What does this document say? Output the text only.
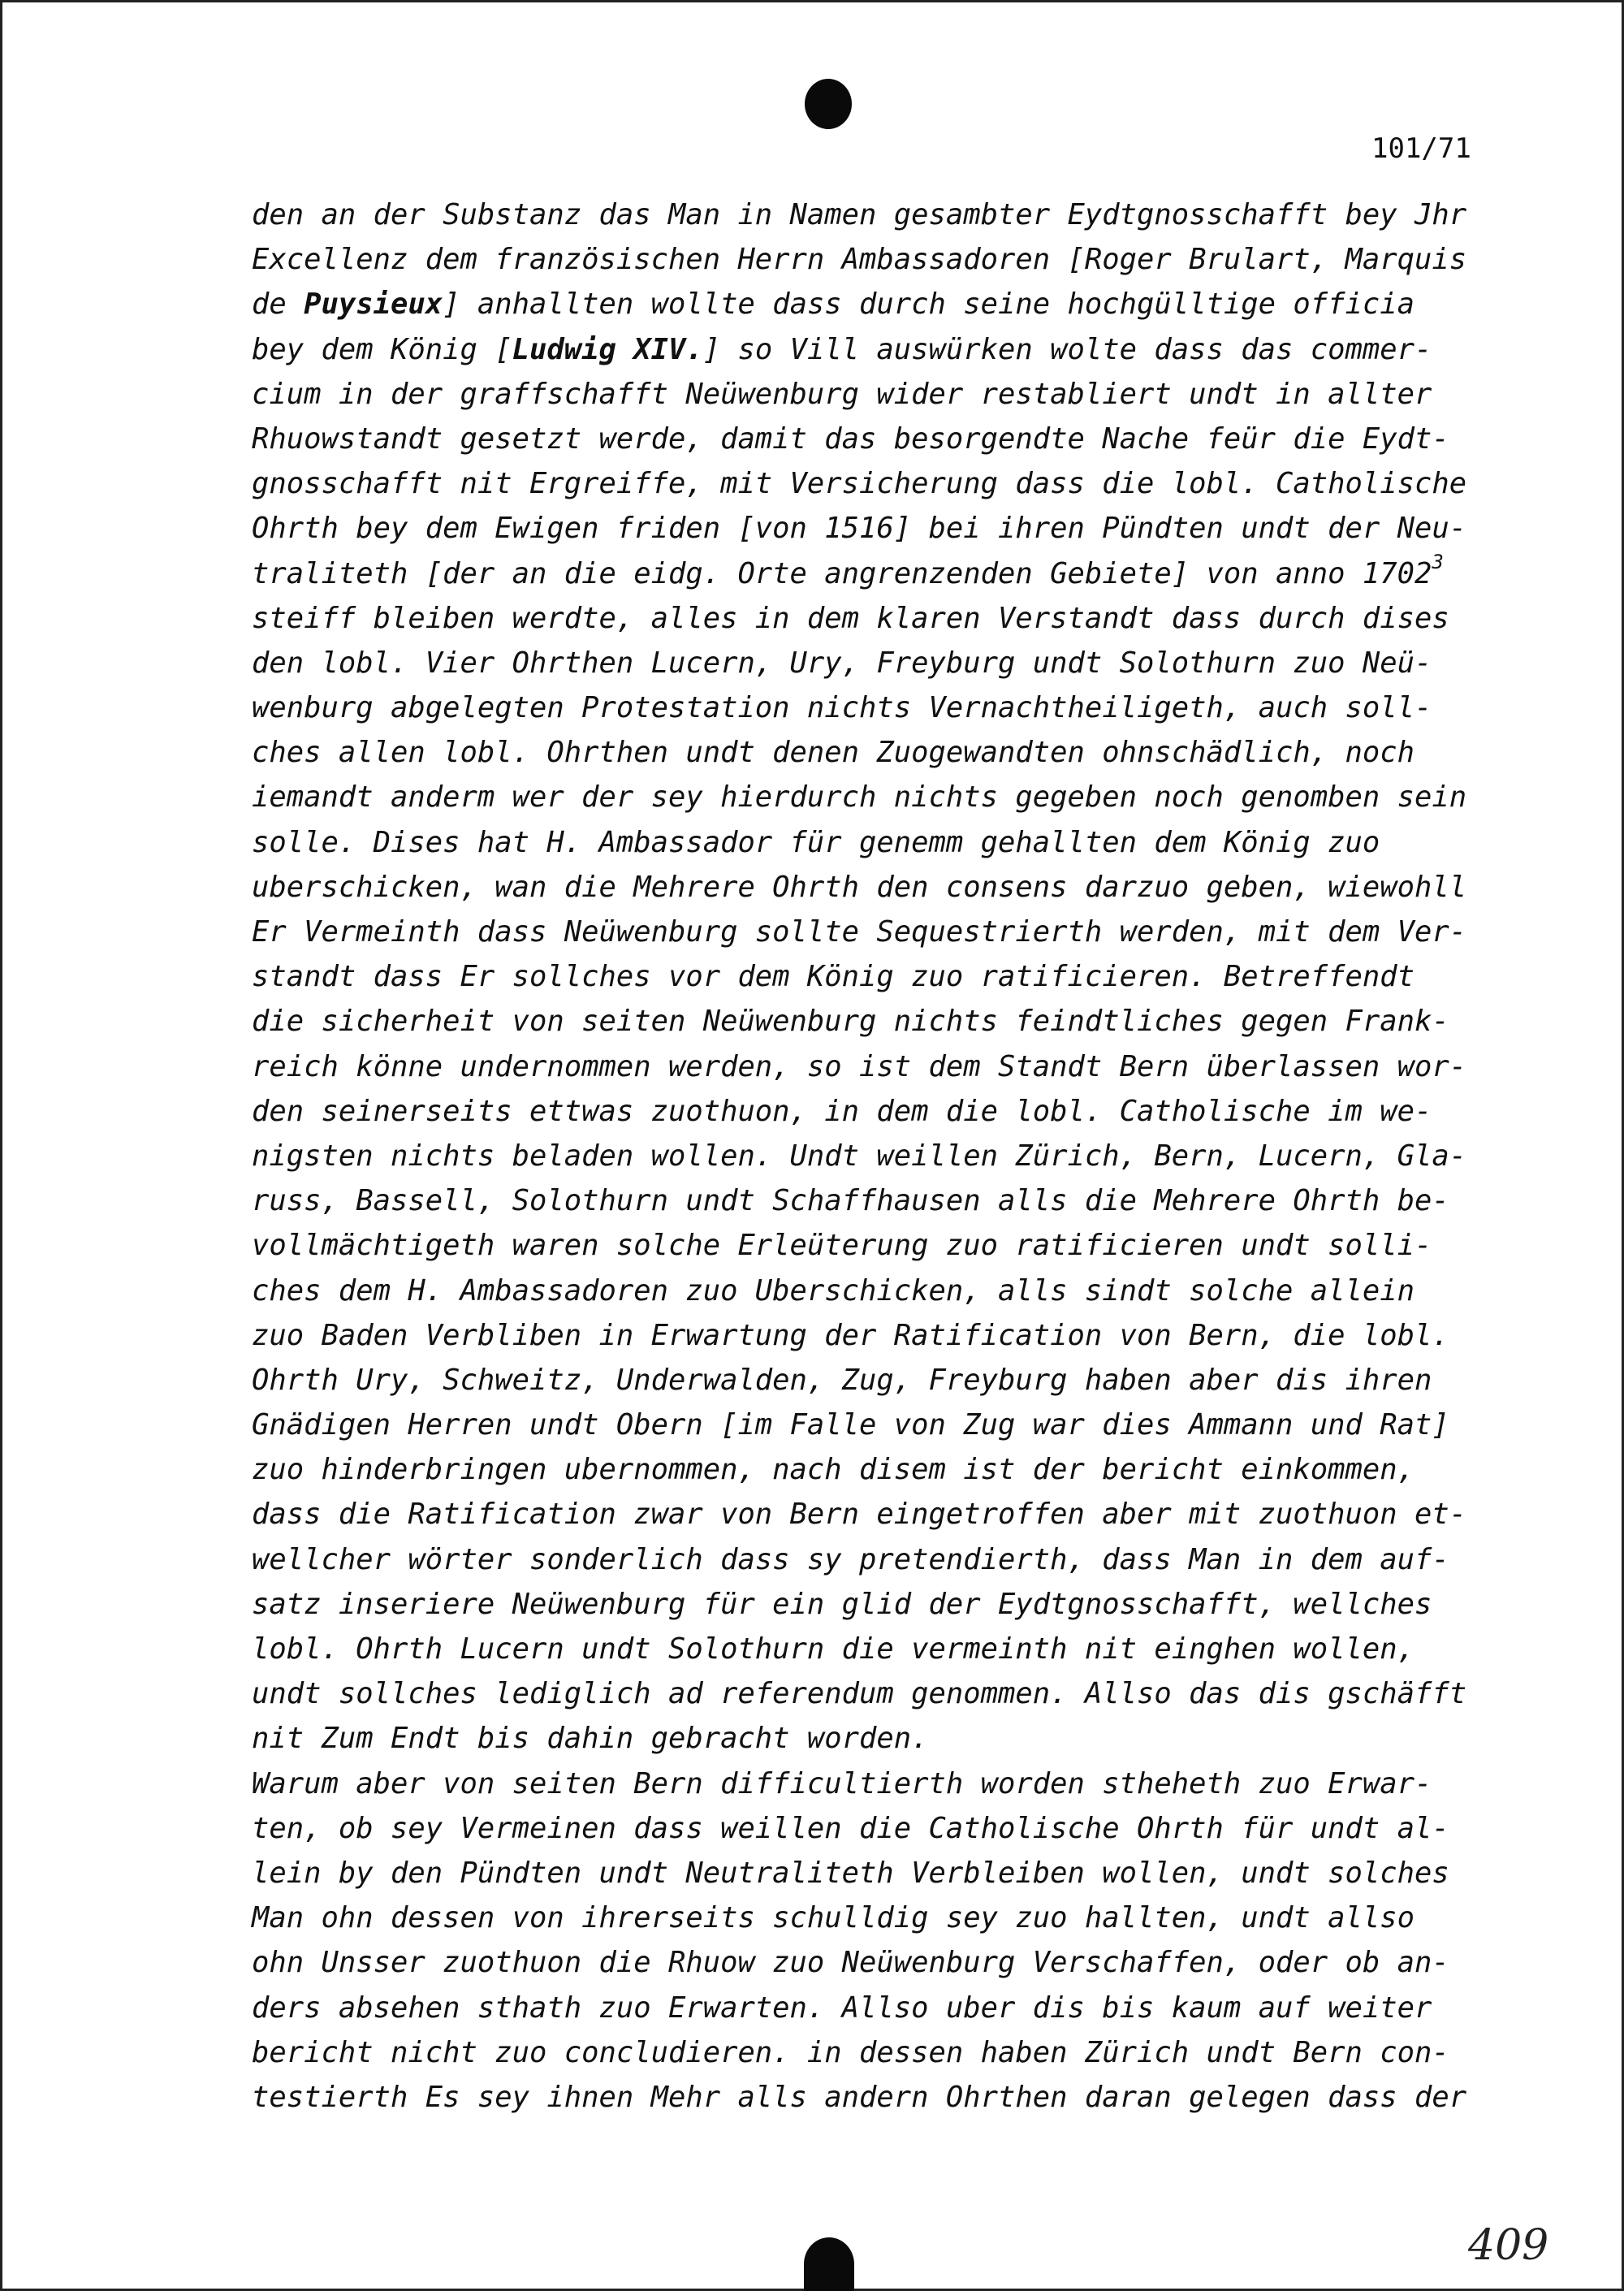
101/71
den an der Substanz das Man in Namen gesambter Eydtgnosschafft bey Jhr
Excellenz dem französischen Herrn Ambassadoren [Roger Brulart, Marquis
de Puysieux] anhallten wollte dass durch seine hochgülltige officia
bey dem König [Ludwig XIV.] so Vill auswürken wolte dass das commer-
cium in der graffschafft Neüwenburg wider restabliert undt in allter
Rhuowstandt gesetzt werde, damit das besorgendte Nache feür die Eydt-
gnosschafft nit Ergreiffe, mit Versicherung dass die lobl. Catholische
Ohrth bey dem Ewigen friden [von 1516] bei ihren Pündten undt der Neu-
traliteth [der an die eidg. Orte angrenzenden Gebiete] von anno 1702$^3$
steiff bleiben werdte, alles in dem klaren Verstandt dass durch dises
den lobl. Vier Ohrthen Lucern, Ury, Freyburg undt Solothurn zuo Neü-
wenburg abgelegten Protestation nichts Vernachtheiligeth, auch soll-
ches allen lobl. Ohrthen undt denen Zuogewandten ohnschädlich, noch
iemandt anderm wer der sey hierdurch nichts gegeben noch genomben sein
solle. Dises hat H. Ambassador für genemm gehallten dem König zuo
uberschicken, wan die Mehrere Ohrth den consens darzuo geben, wiewohll
Er Vermeinth dass Neüwenburg sollte Sequestrierth werden, mit dem Ver-
standt dass Er sollches vor dem König zuo ratificieren. Betreffendt
die sicherheit von seiten Neüwenburg nichts feindtliches gegen Frank-
reich könne undernommen werden, so ist dem Standt Bern überlassen wor-
den seinerseits ettwas zuothuon, in dem die lobl. Catholische im we-
nigsten nichts beladen wollen. Undt weillen Zürich, Bern, Lucern, Gla-
russ, Bassell, Solothurn undt Schaffhausen alls die Mehrere Ohrth be-
vollmächtigeth waren solche Erleüterung zuo ratificieren undt solli-
ches dem H. Ambassadoren zuo Uberschicken, alls sindt solche allein
zuo Baden Verbliben in Erwartung der Ratification von Bern, die lobl.
Ohrth Ury, Schweitz, Underwalden, Zug, Freyburg haben aber dis ihren
Gnädigen Herren undt Obern [im Falle von Zug war dies Ammann und Rat]
zuo hinderbringen ubernommen, nach disem ist der bericht einkommen,
dass die Ratification zwar von Bern eingetroffen aber mit zuothuon et-
wellcher wörter sonderlich dass sy pretendierth, dass Man in dem auf-
satz inseriere Neüwenburg für ein glid der Eydtgnosschafft, wellches
lobl. Ohrth Lucern undt Solothurn die vermeinth nit einghen wollen,
undt sollches lediglich ad referendum genommen. Allso das dis gschäfft
nit Zum Endt bis dahin gebracht worden.
Warum aber von seiten Bern difficultierth worden stheheth zuo Erwar-
ten, ob sey Vermeinen dass weillen die Catholische Ohrth für undt al-
lein by den Pündten undt Neutraliteth Verbleiben wollen, undt solches
Man ohn dessen von ihrerseits schulldig sey zuo hallten, undt allso
ohn Unsser zuothuon die Rhuow zuo Neüwenburg Verschaffen, oder ob an-
ders absehen sthath zuo Erwarten. Allso uber dis bis kaum auf weiter
bericht nicht zuo concludieren. in dessen haben Zürich undt Bern con-
testierth Es sey ihnen Mehr alls andern Ohrthen daran gelegen dass der
409
